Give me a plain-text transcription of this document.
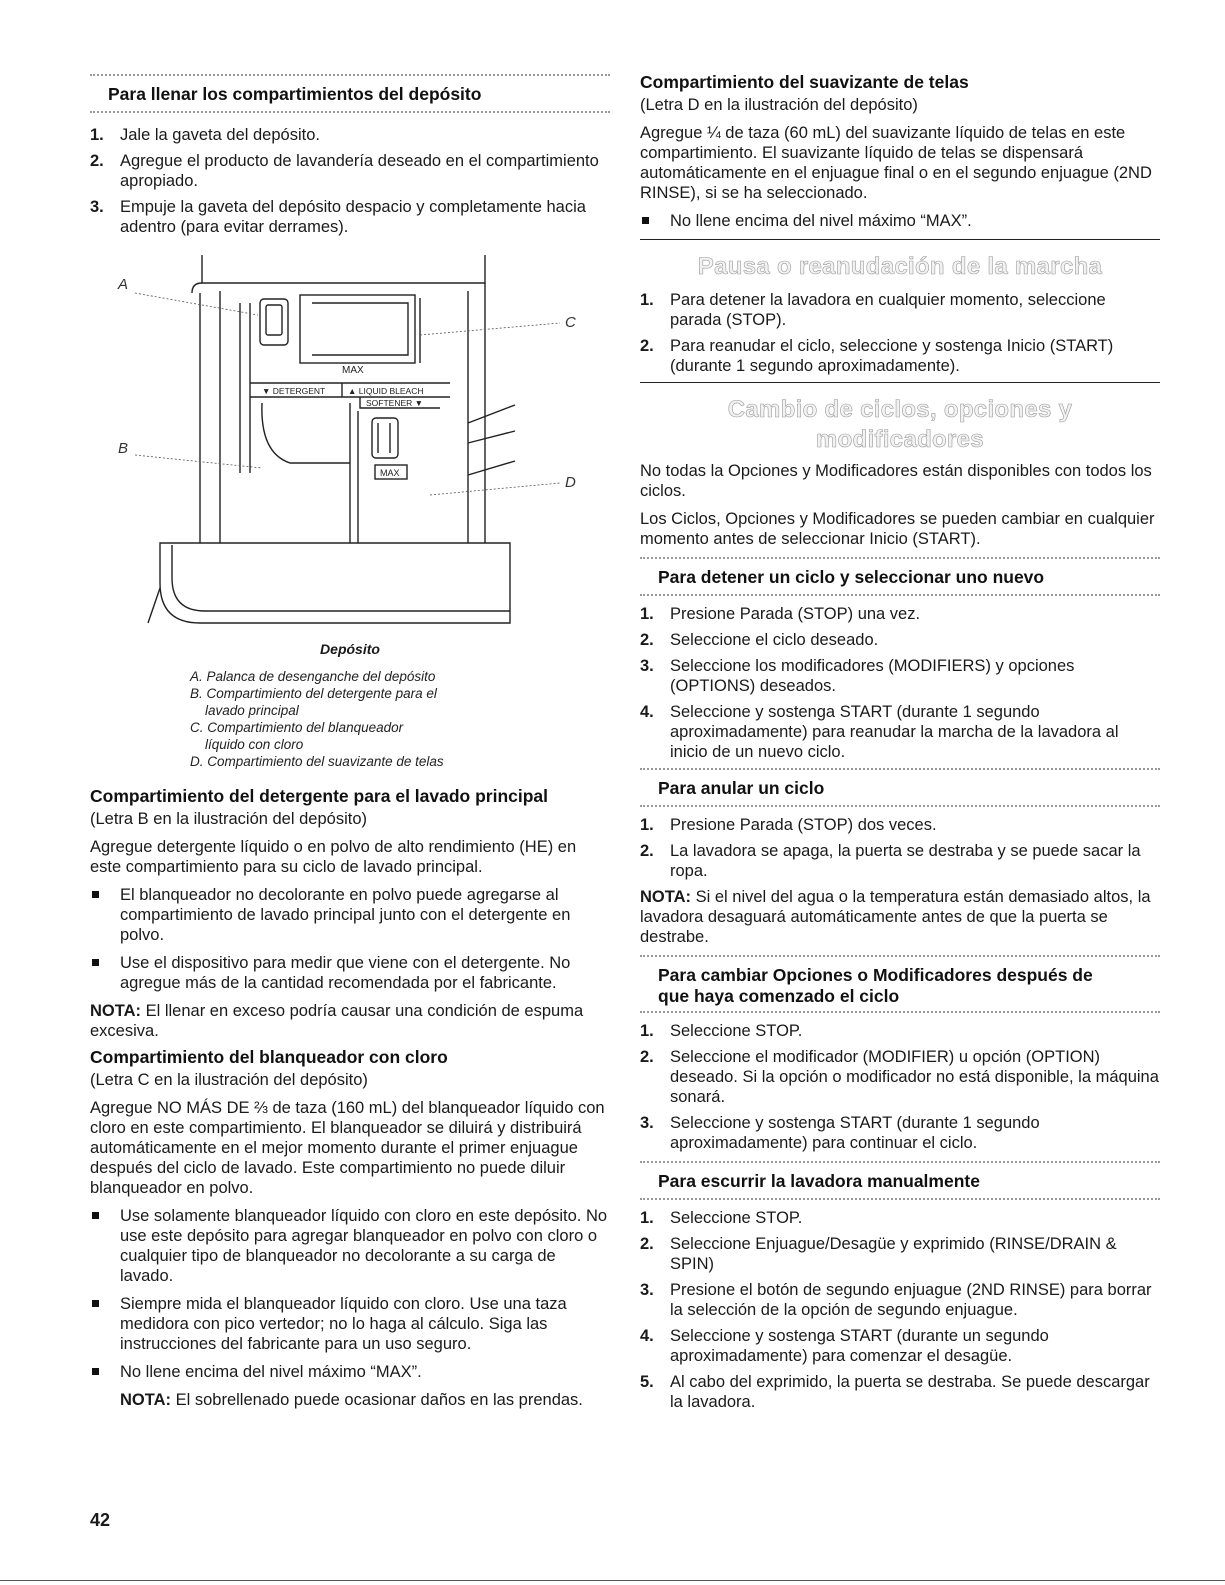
Para llenar los compartimientos del depósito
1. Jale la gaveta del depósito.
2. Agregue el producto de lavandería deseado en el compartimiento apropiado.
3. Empuje la gaveta del depósito despacio y completamente hacia adentro (para evitar derrames).
MAX
▼ DETERGENT	▲ LIQUID BLEACH
SOFTENER ▼
MAX
A
B
C
D
Depósito
A. Palanca de desenganche del depósito
B. Compartimiento del detergente para el
lavado principal
C. Compartimiento del blanqueador
líquido con cloro
D. Compartimiento del suavizante de telas
Compartimiento del detergente para el lavado principal
(Letra B en la ilustración del depósito)
Agregue detergente líquido o en polvo de alto rendimiento (HE) en este compartimiento para su ciclo de lavado principal.
El blanqueador no decolorante en polvo puede agregarse al compartimiento de lavado principal junto con el detergente en polvo.
Use el dispositivo para medir que viene con el detergente. No agregue más de la cantidad recomendada por el fabricante.
NOTA: El llenar en exceso podría causar una condición de espuma excesiva.
Compartimiento del blanqueador con cloro
(Letra C en la ilustración del depósito)
Agregue NO MÁS DE ⅔ de taza (160 mL) del blanqueador líquido con cloro en este compartimiento. El blanqueador se diluirá y distribuirá automáticamente en el mejor momento durante el primer enjuague después del ciclo de lavado. Este compartimiento no puede diluir blanqueador en polvo.
Use solamente blanqueador líquido con cloro en este depósito. No use este depósito para agregar blanqueador en polvo con cloro o cualquier tipo de blanqueador no decolorante a su carga de lavado.
Siempre mida el blanqueador líquido con cloro. Use una taza medidora con pico vertedor; no lo haga al cálculo. Siga las instrucciones del fabricante para un uso seguro.
No llene encima del nivel máximo “MAX”.
NOTA: El sobrellenado puede ocasionar daños en las prendas.
Compartimiento del suavizante de telas
(Letra D en la ilustración del depósito)
Agregue ¼ de taza (60 mL) del suavizante líquido de telas en este compartimiento. El suavizante líquido de telas se dispensará automáticamente en el enjuague final o en el segundo enjuague (2ND RINSE), si se ha seleccionado.
No llene encima del nivel máximo “MAX”.
Pausa o reanudación de la marcha
1. Para detener la lavadora en cualquier momento, seleccione parada (STOP).
2. Para reanudar el ciclo, seleccione y sostenga Inicio (START) (durante 1 segundo aproximadamente).
Cambio de ciclos, opciones y
modificadores
No todas la Opciones y Modificadores están disponibles con todos los ciclos.
Los Ciclos, Opciones y Modificadores se pueden cambiar en cualquier momento antes de seleccionar Inicio (START).
Para detener un ciclo y seleccionar uno nuevo
1. Presione Parada (STOP) una vez.
2. Seleccione el ciclo deseado.
3. Seleccione los modificadores (MODIFIERS) y opciones (OPTIONS) deseados.
4. Seleccione y sostenga START (durante 1 segundo aproximadamente) para reanudar la marcha de la lavadora al inicio de un nuevo ciclo.
Para anular un ciclo
1. Presione Parada (STOP) dos veces.
2. La lavadora se apaga, la puerta se destraba y se puede sacar la ropa.
NOTA: Si el nivel del agua o la temperatura están demasiado altos, la lavadora desaguará automáticamente antes de que la puerta se destrabe.
Para cambiar Opciones o Modificadores después de
que haya comenzado el ciclo
1. Seleccione STOP.
2. Seleccione el modificador (MODIFIER) u opción (OPTION) deseado. Si la opción o modificador no está disponible, la máquina sonará.
3. Seleccione y sostenga START (durante 1 segundo aproximadamente) para continuar el ciclo.
Para escurrir la lavadora manualmente
1. Seleccione STOP.
2. Seleccione Enjuague/Desagüe y exprimido (RINSE/DRAIN & SPIN)
3. Presione el botón de segundo enjuague (2ND RINSE) para borrar la selección de la opción de segundo enjuague.
4. Seleccione y sostenga START (durante un segundo aproximadamente) para comenzar el desagüe.
5. Al cabo del exprimido, la puerta se destraba. Se puede descargar la lavadora.
42
